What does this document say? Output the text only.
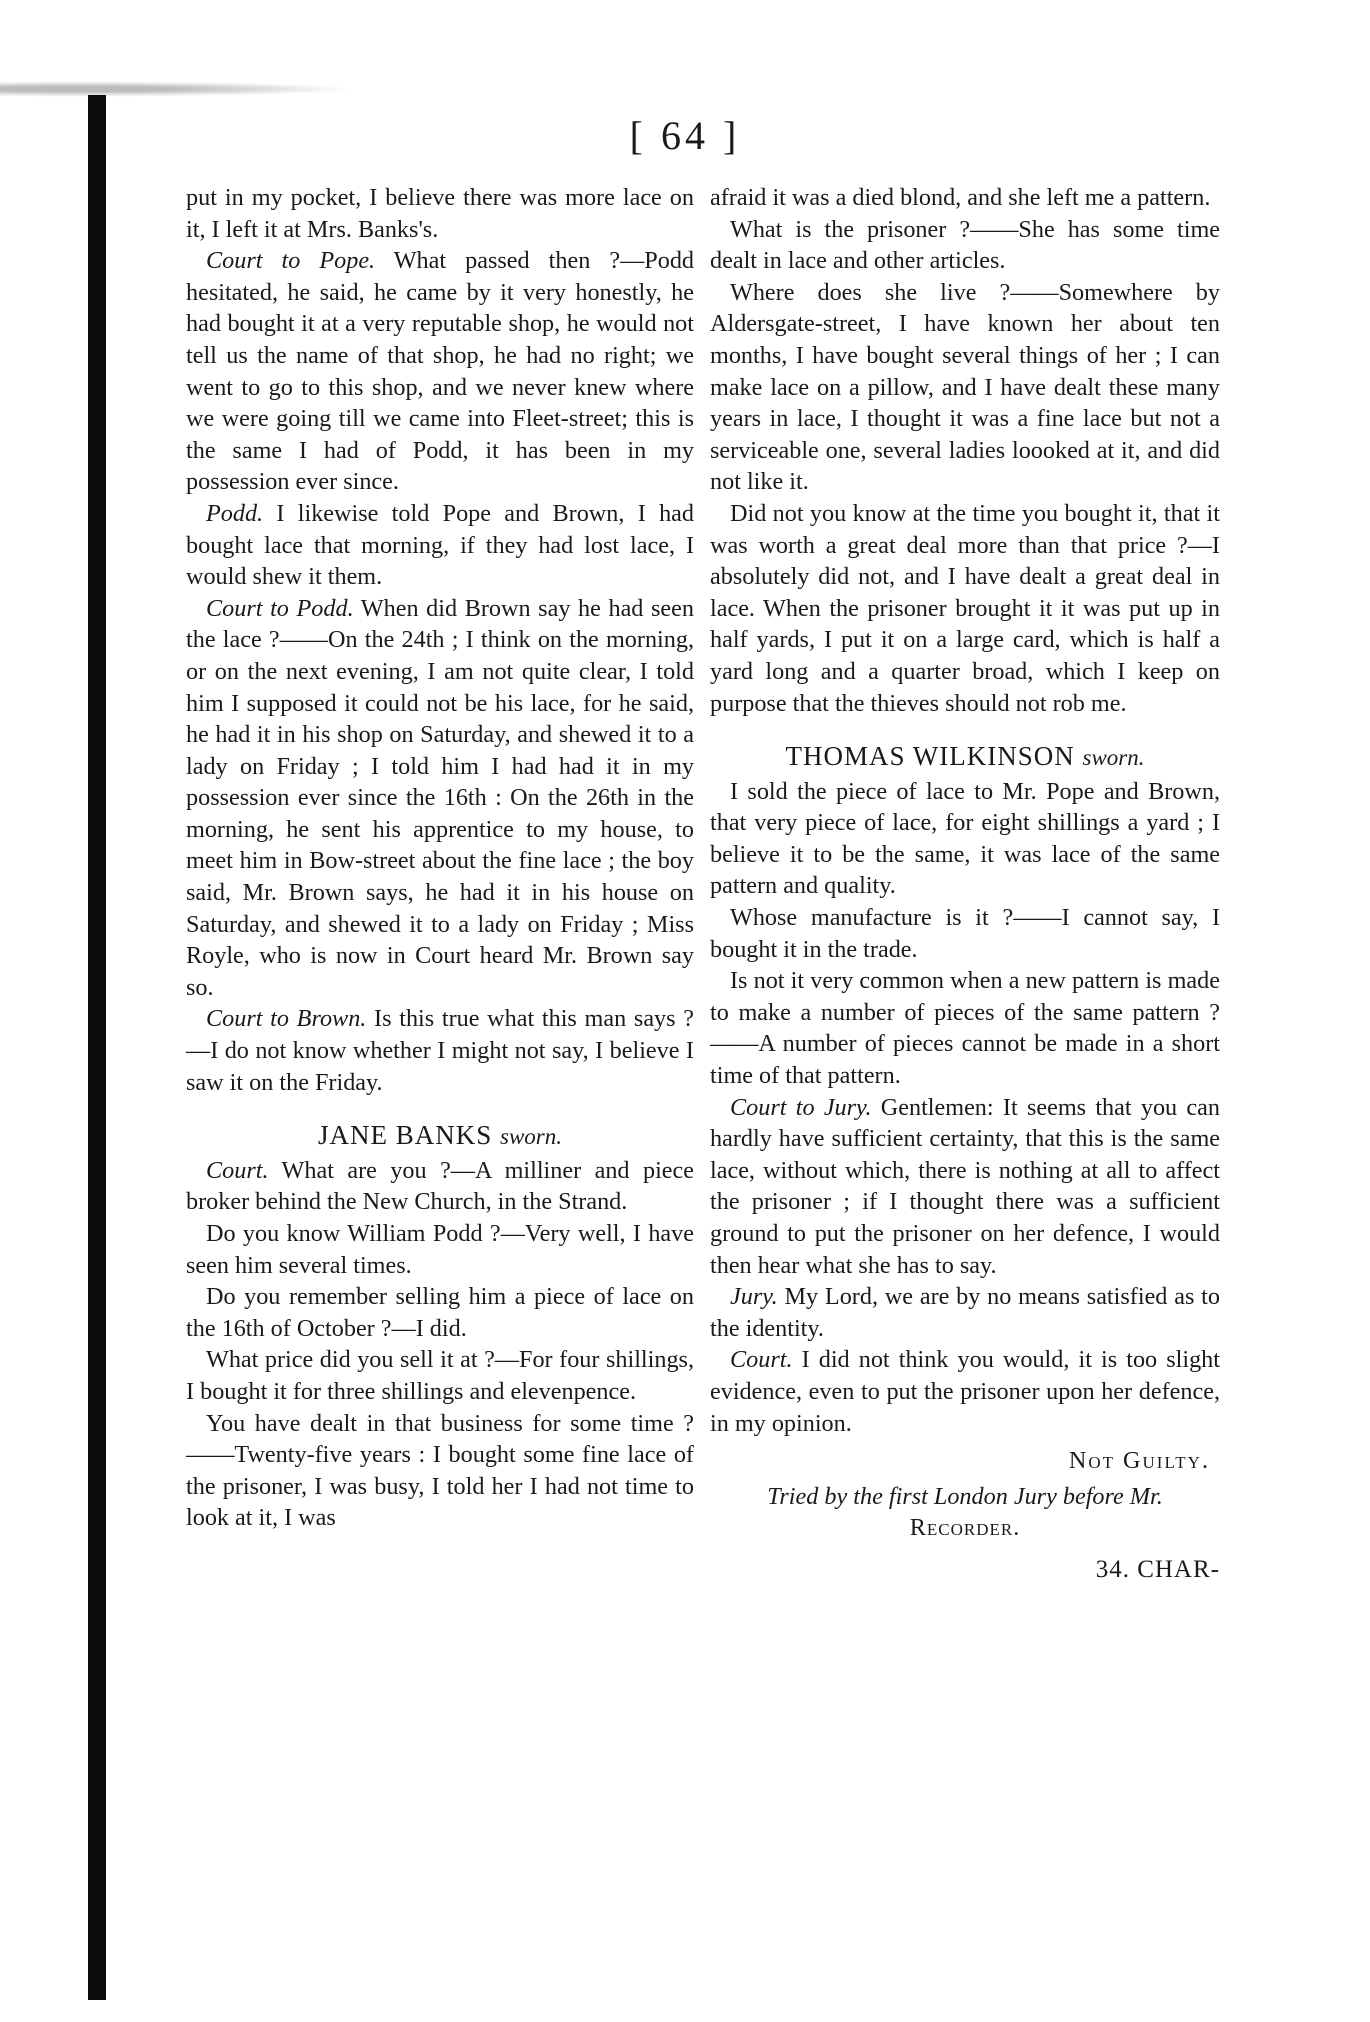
[ 64 ]

put in my pocket, I believe there was more lace on it, I left it at Mrs. Banks's.

Court to Pope. What passed then ?—Podd hesitated, he said, he came by it very honestly, he had bought it at a very reputable shop, he would not tell us the name of that shop, he had no right; we went to go to this shop, and we never knew where we were going till we came into Fleet-street; this is the same I had of Podd, it has been in my possession ever since.

Podd. I likewise told Pope and Brown, I had bought lace that morning, if they had lost lace, I would shew it them.

Court to Podd. When did Brown say he had seen the lace ?——On the 24th ; I think on the morning, or on the next evening, I am not quite clear, I told him I supposed it could not be his lace, for he said, he had it in his shop on Saturday, and shewed it to a lady on Friday ; I told him I had had it in my possession ever since the 16th : On the 26th in the morning, he sent his apprentice to my house, to meet him in Bow-street about the fine lace ; the boy said, Mr. Brown says, he had it in his house on Saturday, and shewed it to a lady on Friday ; Miss Royle, who is now in Court heard Mr. Brown say so.

Court to Brown. Is this true what this man says ?—I do not know whether I might not say, I believe I saw it on the Friday.

JANE BANKS sworn.

Court. What are you ?—A milliner and piece broker behind the New Church, in the Strand.

Do you know William Podd ?—Very well, I have seen him several times.

Do you remember selling him a piece of lace on the 16th of October ?—I did.

What price did you sell it at ?—For four shillings, I bought it for three shillings and elevenpence.

You have dealt in that business for some time ?——Twenty-five years : I bought some fine lace of the prisoner, I was busy, I told her I had not time to look at it, I was

afraid it was a died blond, and she left me a pattern.

What is the prisoner ?——She has some time dealt in lace and other articles.

Where does she live ?——Somewhere by Aldersgate-street, I have known her about ten months, I have bought several things of her ; I can make lace on a pillow, and I have dealt these many years in lace, I thought it was a fine lace but not a serviceable one, several ladies loooked at it, and did not like it.

Did not you know at the time you bought it, that it was worth a great deal more than that price ?—I absolutely did not, and I have dealt a great deal in lace. When the prisoner brought it it was put up in half yards, I put it on a large card, which is half a yard long and a quarter broad, which I keep on purpose that the thieves should not rob me.

THOMAS WILKINSON sworn.

I sold the piece of lace to Mr. Pope and Brown, that very piece of lace, for eight shillings a yard ; I believe it to be the same, it was lace of the same pattern and quality.

Whose manufacture is it ?——I cannot say, I bought it in the trade.

Is not it very common when a new pattern is made to make a number of pieces of the same pattern ?——A number of pieces cannot be made in a short time of that pattern.

Court to Jury. Gentlemen: It seems that you can hardly have sufficient certainty, that this is the same lace, without which, there is nothing at all to affect the prisoner ; if I thought there was a sufficient ground to put the prisoner on her defence, I would then hear what she has to say.

Jury. My Lord, we are by no means satisfied as to the identity.

Court. I did not think you would, it is too slight evidence, even to put the prisoner upon her defence, in my opinion.

Not Guilty.

Tried by the first London Jury before Mr.

Recorder.

34. CHAR-
